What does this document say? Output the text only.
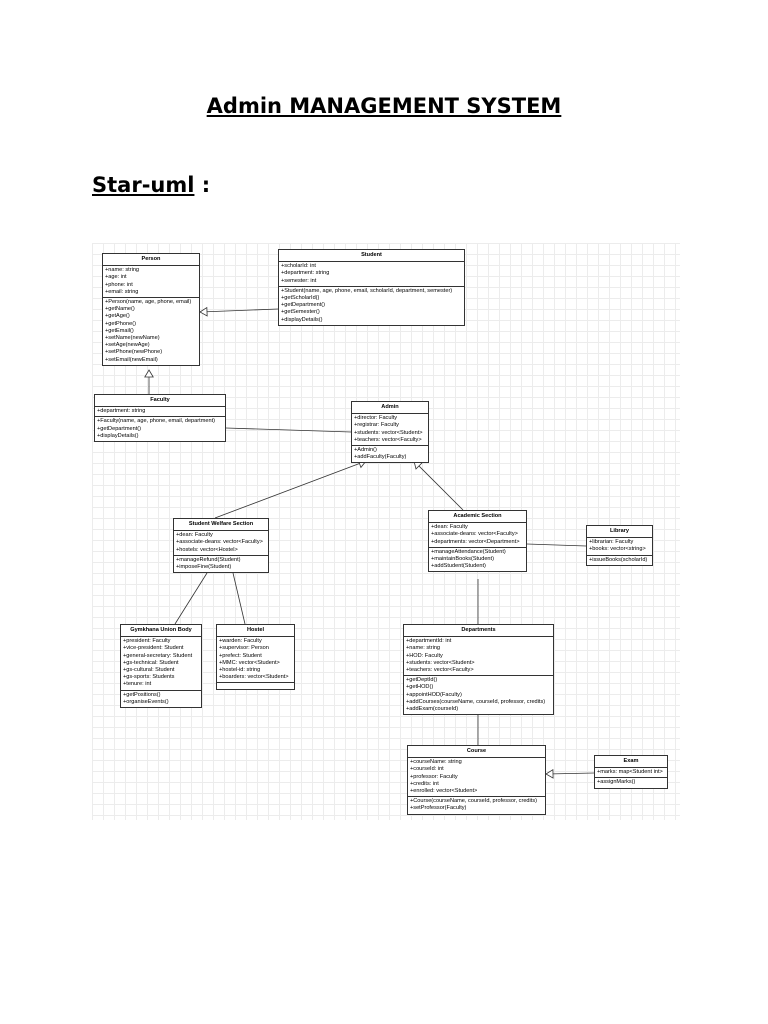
Admin MANAGEMENT SYSTEM
Star-uml :
Person
+name: string
+age: int
+phone: int
+email: string
+Person(name, age, phone, email)
+getName()
+getAge()
+getPhone()
+getEmail()
+setName(newName)
+setAge(newAge)
+setPhone(newPhone)
+setEmail(newEmail)
Student
+scholarId: int
+department: string
+semester: int
+Student(name, age, phone, email, scholarId, department, semester)
+getScholarId()
+getDepartment()
+getSemester()
+displayDetails()
Faculty
+department: string
+Faculty(name, age, phone, email, department)
+getDepartment()
+displayDetails()
Admin
+director: Faculty
+registrar: Faculty
+students: vector<Student>
+teachers: vector<Faculty>
+Admin()
+addFaculty(Faculty)
Student Welfare Section
+dean: Faculty
+associate-deans: vector<Faculty>
+hostels: vector<Hostel>
+manageRefund(Student)
+imposeFine(Student)
Academic Section
+dean: Faculty
+associate-deans: vector<Faculty>
+departments: vector<Department>
+manageAttendance(Student)
+maintainBooks(Student)
+addStudent(Student)
Library
+librarian: Faculty
+books: vector<string>
+issueBooks(scholarId)
Gymkhana Union Body
+president: Faculty
+vice-president: Student
+general-secretary: Student
+gs-technical: Student
+gs-cultural: Student
+gs-sports: Students
+tenure: int
+getPositions()
+organiseEvents()
Hostel
+warden: Faculty
+supervisor: Person
+prefect: Student
+MMC: vector<Student>
+hostel-id: string
+boarders: vector<Student>
Departments
+departmentId: int
+name: string
+HOD: Faculty
+students: vector<Student>
+teachers: vector<Faculty>
+getDeptId()
+getHOD()
+appointHOD(Faculty)
+addCourses(courseName, courseId, professor, credits)
+addExam(courseId)
Course
+courseName: string
+courseId: int
+professor: Faculty
+credits: int
+enrolled: vector<Student>
+Course(courseName, courseId, professor, credits)
+setProfessor(Faculty)
Exam
+marks: map<Student int>
+assignMarks()
